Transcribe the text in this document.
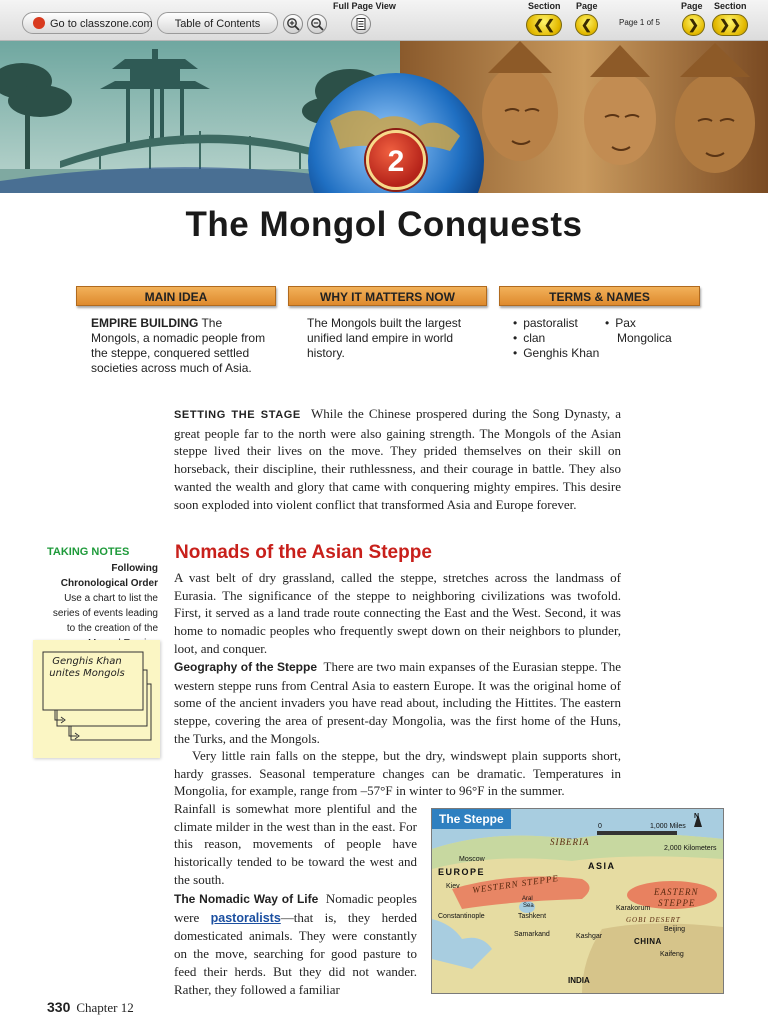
Go to classzone.com	Table of Contents
Full Page View	Section Page
❮❮	❮	Page 1 of 5
Page Section
❯	❯❯
2
The Mongol Conquests
MAIN IDEA	WHY IT MATTERS NOW	TERMS & NAMES
EMPIRE BUILDING The Mongols, a nomadic people from the steppe, conquered settled societies across much of Asia.
The Mongols built the largest unified land empire in world history.
• pastoralist
• clan
• Genghis Khan
• Pax Mongolica
SETTING THE STAGE While the Chinese prospered during the Song Dynasty, a great people far to the north were also gaining strength. The Mongols of the Asian steppe lived their lives on the move. They prided themselves on their skill on horseback, their discipline, their ruthlessness, and their courage in battle. They also wanted the wealth and glory that came with conquering mighty empires. This desire soon exploded into violent conflict that transformed Asia and Europe forever.
TAKING NOTES
Following Chronological Order Use a chart to list the series of events leading to the creation of the
Genghis Khan unites Mongols
Nomads of the Asian Steppe
A vast belt of dry grassland, called the steppe, stretches across the landmass of Eurasia. The significance of the steppe to neighboring civilizations was twofold. First, it served as a land trade route connecting the East and the West. Second, it was home to nomadic peoples who frequently swept down on their neighbors to plunder, loot, and conquer.
Geography of the Steppe There are two main expanses of the Eurasian steppe. The western steppe runs from Central Asia to eastern Europe. It was the original home of some of the ancient invaders you have read about, including the Hittites. The eastern steppe, covering the area of present-day Mongolia, was the first home of the Huns, the Turks, and the Mongols.
Very little rain falls on the steppe, but the dry, windswept plain supports short, hardy grasses. Seasonal temperature changes can be dramatic. Temperatures in Mongolia, for example, range from –57°F in winter to 96°F in the summer.
Rainfall is somewhat more plentiful and the climate milder in the west than in the east. For this reason, movements of people have historically tended to be toward the west and the south.
The Nomadic Way of Life Nomadic peoples were pastoralists—that is, they herded domesticated animals. They were constantly on the move, searching for good pasture to feed their herds. But they did not wander. Rather, they followed a familiar
The Steppe
0	1,000 Miles
2,000 Kilometers
N
SIBERIA
ASIA
EUROPE
Moscow
Kiev WESTERN STEPPE	EASTERN
STEPPE
Aral
Sea
Constantinople	Tashkent
Samarkand	Kashgar
Karakorum
GOBI DESERT
Beijing
CHINA
Kaifeng
INDIA
330 Chapter 12
